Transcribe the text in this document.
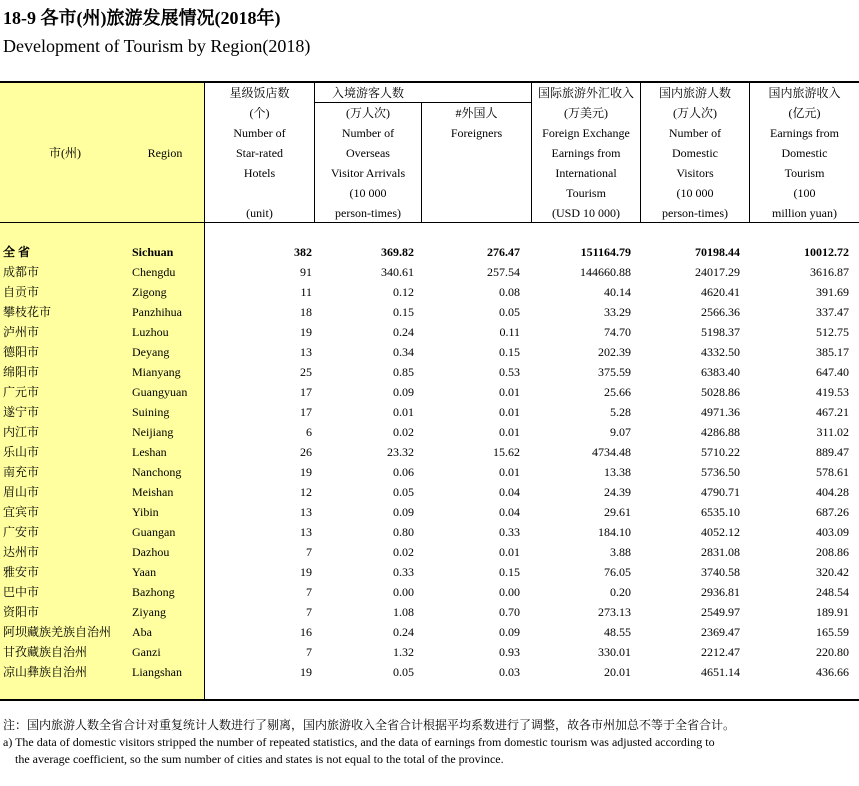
18-9 各市(州)旅游发展情况(2018年)
Development of Tourism by Region(2018)
市(州)	Region
星级饭店数
(个)
Number of
Star-rated
Hotels
(unit)
入境游客人数
(万人次)
Number of
Overseas
Visitor Arrivals
(10 000
person-times)
#外国人
Foreigners
国际旅游外汇收入
(万美元)
Foreign Exchange
Earnings from
International
Tourism
(USD 10 000)
国内旅游人数
(万人次)
Number of
Domestic
Visitors
(10 000
person-times)
国内旅游收入
(亿元)
Earnings from
Domestic
Tourism
(100
million yuan)
全 省	Sichuan	382	369.82	276.47	151164.79	70198.44	10012.72
成都市	Chengdu	91	340.61	257.54	144660.88	24017.29	3616.87
自贡市	Zigong	11	0.12	0.08	40.14	4620.41	391.69
攀枝花市	Panzhihua	18	0.15	0.05	33.29	2566.36	337.47
泸州市	Luzhou	19	0.24	0.11	74.70	5198.37	512.75
德阳市	Deyang	13	0.34	0.15	202.39	4332.50	385.17
绵阳市	Mianyang	25	0.85	0.53	375.59	6383.40	647.40
广元市	Guangyuan	17	0.09	0.01	25.66	5028.86	419.53
遂宁市	Suining	17	0.01	0.01	5.28	4971.36	467.21
内江市	Neijiang	6	0.02	0.01	9.07	4286.88	311.02
乐山市	Leshan	26	23.32	15.62	4734.48	5710.22	889.47
南充市	Nanchong	19	0.06	0.01	13.38	5736.50	578.61
眉山市	Meishan	12	0.05	0.04	24.39	4790.71	404.28
宜宾市	Yibin	13	0.09	0.04	29.61	6535.10	687.26
广安市	Guangan	13	0.80	0.33	184.10	4052.12	403.09
达州市	Dazhou	7	0.02	0.01	3.88	2831.08	208.86
雅安市	Yaan	19	0.33	0.15	76.05	3740.58	320.42
巴中市	Bazhong	7	0.00	0.00	0.20	2936.81	248.54
资阳市	Ziyang	7	1.08	0.70	273.13	2549.97	189.91
阿坝藏族羌族自治州 Aba	16	0.24	0.09	48.55	2369.47	165.59
甘孜藏族自治州	Ganzi	7	1.32	0.93	330.01	2212.47	220.80
凉山彝族自治州	Liangshan	19	0.05	0.03	20.01	4651.14	436.66
注：国内旅游人数全省合计对重复统计人数进行了剔离，国内旅游收入全省合计根据平均系数进行了调整，故各市州加总不等于全省合计。
a) The data of domestic visitors stripped the number of repeated statistics, and the data of earnings from domestic tourism was adjusted according to
the average coefficient, so the sum number of cities and states is not equal to the total of the province.
